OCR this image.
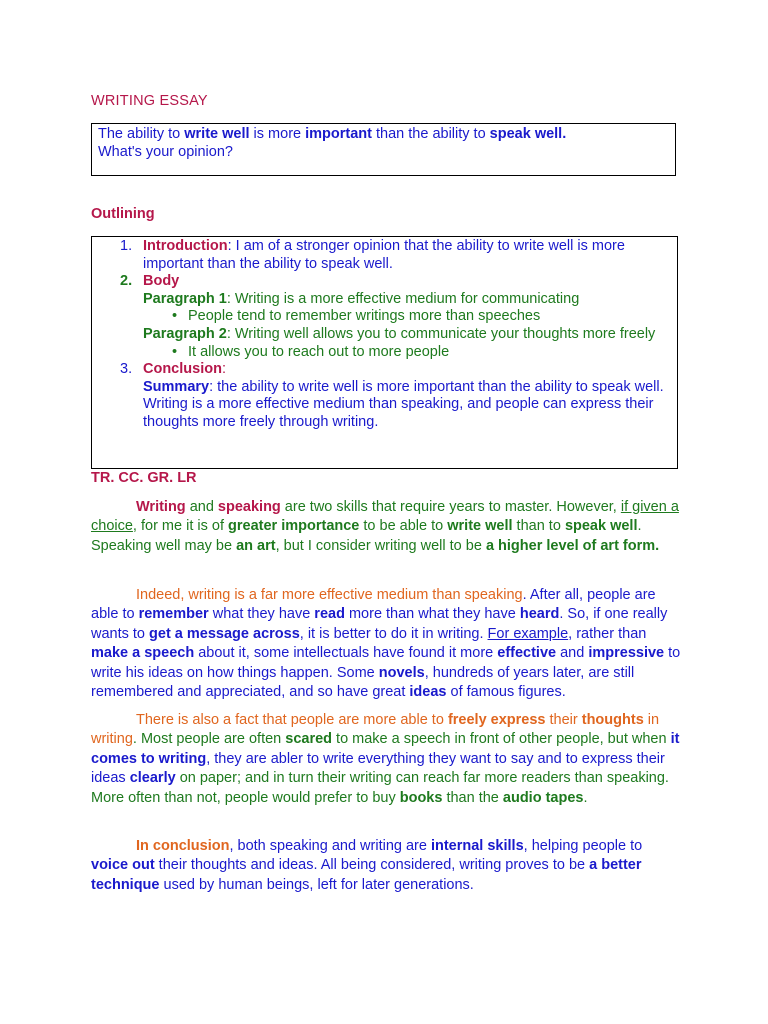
WRITING ESSAY
The ability to write well is more important than the ability to speak well.
What's your opinion?
Outlining
1. Introduction: I am of a stronger opinion that the ability to write well is more important than the ability to speak well.
2. Body
Paragraph 1: Writing is a more effective medium for communicating
• People tend to remember writings more than speeches
Paragraph 2: Writing well allows you to communicate your thoughts more freely
• It allows you to reach out to more people
3. Conclusion:
Summary: the ability to write well is more important than the ability to speak well. Writing is a more effective medium than speaking, and people can express their thoughts more freely through writing.
TR. CC. GR. LR
Writing and speaking are two skills that require years to master. However, if given a choice, for me it is of greater importance to be able to write well than to speak well. Speaking well may be an art, but I consider writing well to be a higher level of art form.
Indeed, writing is a far more effective medium than speaking. After all, people are able to remember what they have read more than what they have heard. So, if one really wants to get a message across, it is better to do it in writing. For example, rather than make a speech about it, some intellectuals have found it more effective and impressive to write his ideas on how things happen. Some novels, hundreds of years later, are still remembered and appreciated, and so have great ideas of famous figures.
There is also a fact that people are more able to freely express their thoughts in writing. Most people are often scared to make a speech in front of other people, but when it comes to writing, they are abler to write everything they want to say and to express their ideas clearly on paper; and in turn their writing can reach far more readers than speaking. More often than not, people would prefer to buy books than the audio tapes.
In conclusion, both speaking and writing are internal skills, helping people to voice out their thoughts and ideas. All being considered, writing proves to be a better technique used by human beings, left for later generations.
